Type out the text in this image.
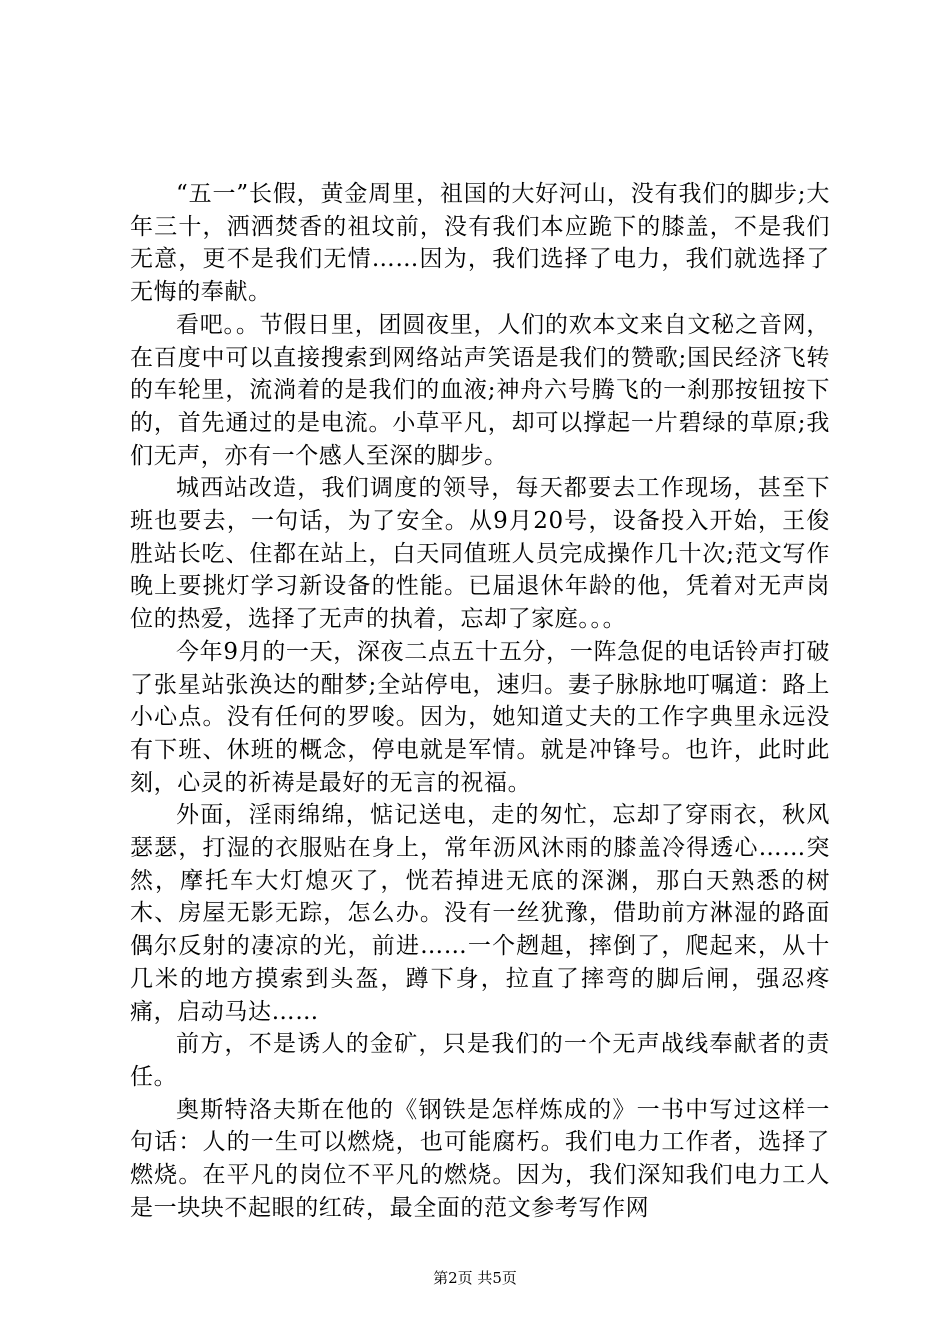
“五一”长假，黄金周里，祖国的大好河山，没有我们的脚步;大年三十，洒洒焚香的祖坟前，没有我们本应跪下的膝盖，不是我们无意，更不是我们无情……因为，我们选择了电力，我们就选择了无悔的奉献。

看吧。。节假日里，团圆夜里，人们的欢本文来自文秘之音网，在百度中可以直接搜索到网络站声笑语是我们的赞歌;国民经济飞转的车轮里，流淌着的是我们的血液;神舟六号腾飞的一刹那按钮按下的，首先通过的是电流。小草平凡，却可以撑起一片碧绿的草原;我们无声，亦有一个感人至深的脚步。

城西站改造，我们调度的领导，每天都要去工作现场，甚至下班也要去，一句话，为了安全。从9月20号，设备投入开始，王俊胜站长吃、住都在站上，白天同值班人员完成操作几十次;范文写作晚上要挑灯学习新设备的性能。已届退休年龄的他，凭着对无声岗位的热爱，选择了无声的执着，忘却了家庭。。。

今年9月的一天，深夜二点五十五分，一阵急促的电话铃声打破了张星站张涣达的酣梦;全站停电，速归。妻子脉脉地叮嘱道：路上小心点。没有任何的罗唆。因为，她知道丈夫的工作字典里永远没有下班、休班的概念，停电就是军情。就是冲锋号。也许，此时此刻，心灵的祈祷是最好的无言的祝福。

外面，淫雨绵绵，惦记送电，走的匆忙，忘却了穿雨衣，秋风瑟瑟，打湿的衣服贴在身上，常年沥风沐雨的膝盖冷得透心……突然，摩托车大灯熄灭了，恍若掉进无底的深渊，那白天熟悉的树木、房屋无影无踪，怎么办。没有一丝犹豫，借助前方淋湿的路面偶尔反射的凄凉的光，前进……一个趔趄，摔倒了，爬起来，从十几米的地方摸索到头盔，蹲下身，拉直了摔弯的脚后闸，强忍疼痛，启动马达……

前方，不是诱人的金矿，只是我们的一个无声战线奉献者的责任。

奥斯特洛夫斯在他的《钢铁是怎样炼成的》一书中写过这样一句话：人的一生可以燃烧，也可能腐朽。我们电力工作者，选择了燃烧。在平凡的岗位不平凡的燃烧。因为，我们深知我们电力工人是一块块不起眼的红砖，最全面的范文参考写作网

第2页 共5页
